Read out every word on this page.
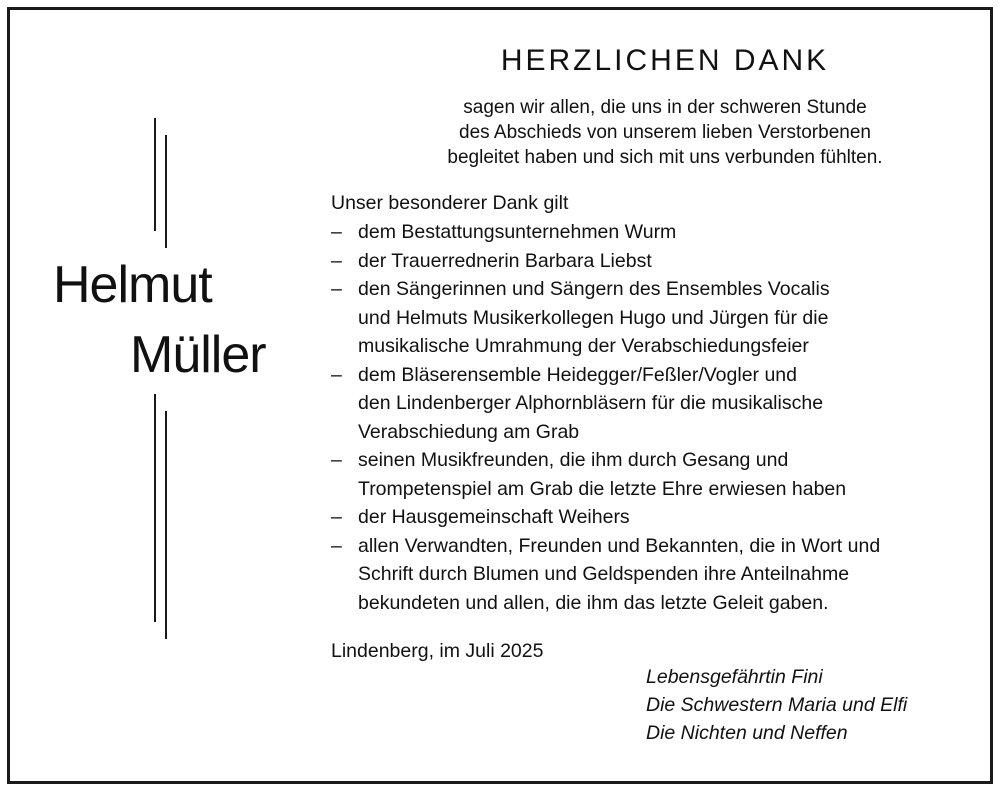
Helmut
Müller
HERZLICHEN DANK
sagen wir allen, die uns in der schweren Stunde
des Abschieds von unserem lieben Verstorbenen
begleitet haben und sich mit uns verbunden fühlten.
Unser besonderer Dank gilt
– dem Bestattungsunternehmen Wurm
– der Trauerrednerin Barbara Liebst
– den Sängerinnen und Sängern des Ensembles Vocalis
und Helmuts Musikerkollegen Hugo und Jürgen für die
musikalische Umrahmung der Verabschiedungsfeier
– dem Bläserensemble Heidegger/Feßler/Vogler und
den Lindenberger Alphornbläsern für die musikalische
Verabschiedung am Grab
– seinen Musikfreunden, die ihm durch Gesang und
Trompetenspiel am Grab die letzte Ehre erwiesen haben
– der Hausgemeinschaft Weihers
– allen Verwandten, Freunden und Bekannten, die in Wort und
Schrift durch Blumen und Geldspenden ihre Anteilnahme
bekundeten und allen, die ihm das letzte Geleit gaben.
Lindenberg, im Juli 2025
Lebensgefährtin Fini
Die Schwestern Maria und Elfi
Die Nichten und Neffen
